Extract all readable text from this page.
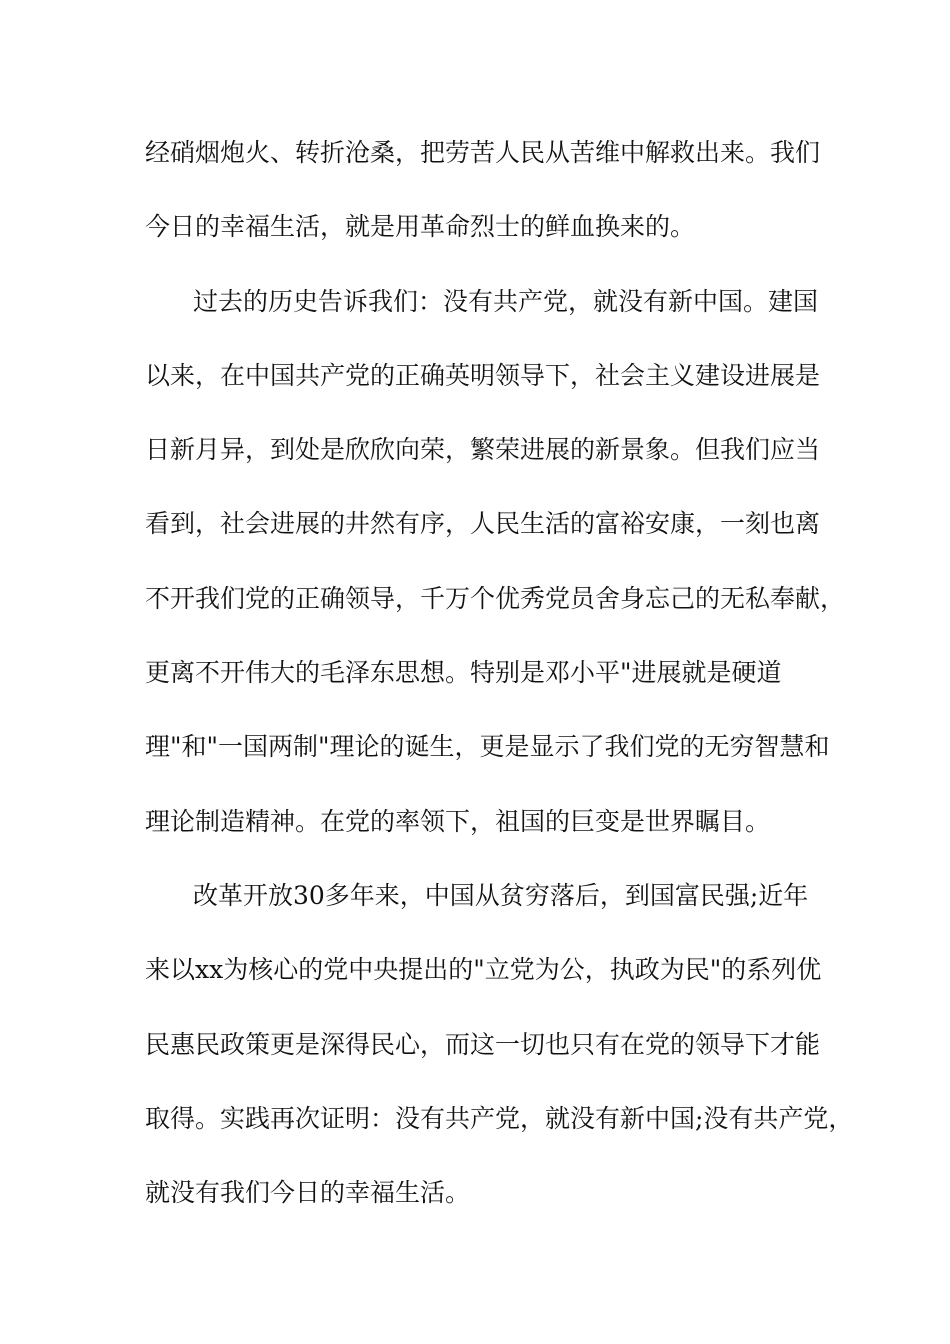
经硝烟炮火、转折沧桑，把劳苦人民从苦维中解救出来。我们
今日的幸福生活，就是用革命烈士的鲜血换来的。
过去的历史告诉我们：没有共产党，就没有新中国。建国
以来，在中国共产党的正确英明领导下，社会主义建设进展是
日新月异，到处是欣欣向荣，繁荣进展的新景象。但我们应当
看到，社会进展的井然有序，人民生活的富裕安康，一刻也离
不开我们党的正确领导，千万个优秀党员舍身忘己的无私奉献，
更离不开伟大的毛泽东思想。特别是邓小平"进展就是硬道
理"和"一国两制"理论的诞生，更是显示了我们党的无穷智慧和
理论制造精神。在党的率领下，祖国的巨变是世界瞩目。
改革开放30多年来，中国从贫穷落后，到国富民强;近年
来以xx为核心的党中央提出的"立党为公，执政为民"的系列优
民惠民政策更是深得民心，而这一切也只有在党的领导下才能
取得。实践再次证明：没有共产党，就没有新中国;没有共产党，
就没有我们今日的幸福生活。
